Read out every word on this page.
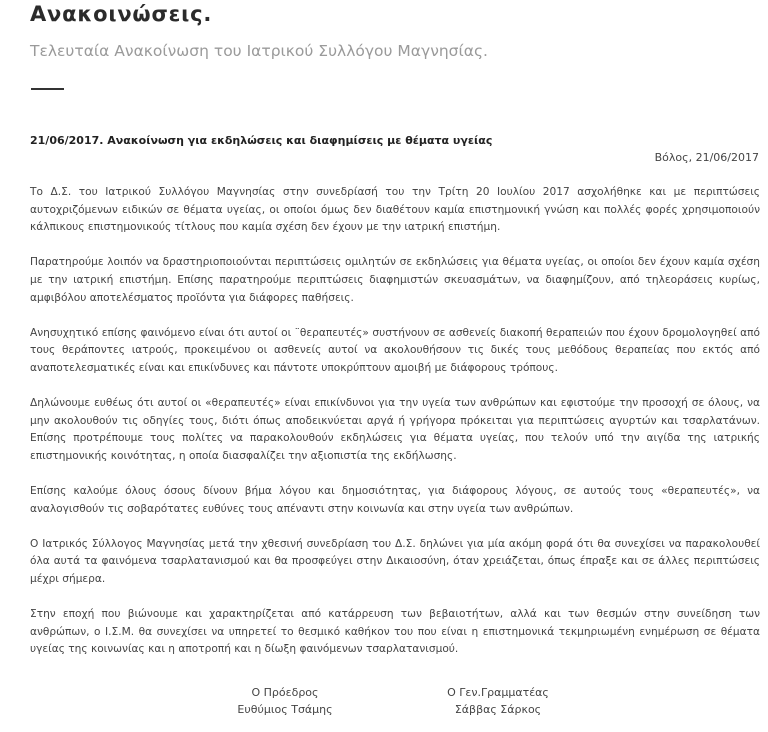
Ανακοινώσεις.
Τελευταία Ανακοίνωση του Ιατρικού Συλλόγου Μαγνησίας.
21/06/2017. Ανακοίνωση για εκδηλώσεις και διαφημίσεις με θέματα υγείας
Βόλος, 21/06/2017

Το Δ.Σ. του Ιατρικού Συλλόγου Μαγνησίας στην συνεδρίασή του την Τρίτη 20 Ιουλίου 2017 ασχολήθηκε και με περιπτώσεις αυτοχριζόμενων ειδικών σε θέματα υγείας, οι οποίοι όμως δεν διαθέτουν καμία επιστημονική γνώση και πολλές φορές χρησιμοποιούν κάλπικους επιστημονικούς τίτλους που καμία σχέση δεν έχουν με την ιατρική επιστήμη.

Παρατηρούμε λοιπόν να δραστηριοποιούνται περιπτώσεις ομιλητών σε εκδηλώσεις για θέματα υγείας, οι οποίοι δεν έχουν καμία σχέση με την ιατρική επιστήμη. Επίσης παρατηρούμε περιπτώσεις διαφημιστών σκευασμάτων, να διαφημίζουν, από τηλεοράσεις κυρίως, αμφιβόλου αποτελέσματος προϊόντα για διάφορες παθήσεις.

Ανησυχητικό επίσης φαινόμενο είναι ότι αυτοί οι ¨θεραπευτές» συστήνουν σε ασθενείς διακοπή θεραπειών που έχουν δρομολογηθεί από τους θεράποντες ιατρούς, προκειμένου οι ασθενείς αυτοί να ακολουθήσουν τις δικές τους μεθόδους θεραπείας που εκτός από αναποτελεσματικές είναι και επικίνδυνες και πάντοτε υποκρύπτουν αμοιβή με διάφορους τρόπους.

Δηλώνουμε ευθέως ότι αυτοί οι «θεραπευτές» είναι επικίνδυνοι για την υγεία των ανθρώπων και εφιστούμε την προσοχή σε όλους, να μην ακολουθούν τις οδηγίες τους, διότι όπως αποδεικνύεται αργά ή γρήγορα πρόκειται για περιπτώσεις αγυρτών και τσαρλατάνων. Επίσης προτρέπουμε τους πολίτες να παρακολουθούν εκδηλώσεις για θέματα υγείας, που τελούν υπό την αιγίδα της ιατρικής επιστημονικής κοινότητας, η οποία διασφαλίζει την αξιοπιστία της εκδήλωσης.

Επίσης καλούμε όλους όσους δίνουν βήμα λόγου και δημοσιότητας, για διάφορους λόγους, σε αυτούς τους «θεραπευτές», να αναλογισθούν τις σοβαρότατες ευθύνες τους απέναντι στην κοινωνία και στην υγεία των ανθρώπων.

Ο Ιατρικός Σύλλογος Μαγνησίας μετά την χθεσινή συνεδρίαση του Δ.Σ. δηλώνει για μία ακόμη φορά ότι θα συνεχίσει να παρακολουθεί όλα αυτά τα φαινόμενα τσαρλατανισμού και θα προσφεύγει στην Δικαιοσύνη, όταν χρειάζεται, όπως έπραξε και σε άλλες περιπτώσεις μέχρι σήμερα.

Στην εποχή που βιώνουμε και χαρακτηρίζεται από κατάρρευση των βεβαιοτήτων, αλλά και των θεσμών στην συνείδηση των ανθρώπων, ο Ι.Σ.Μ. θα συνεχίσει να υπηρετεί το θεσμικό καθήκον του που είναι η επιστημονικά τεκμηριωμένη ενημέρωση σε θέματα υγείας της κοινωνίας και η αποτροπή και η δίωξη φαινόμενων τσαρλατανισμού.

Ο Πρόεδρος
Ευθύμιος Τσάμης
Ο Γεν.Γραμματέας
Σάββας Σάρκος
